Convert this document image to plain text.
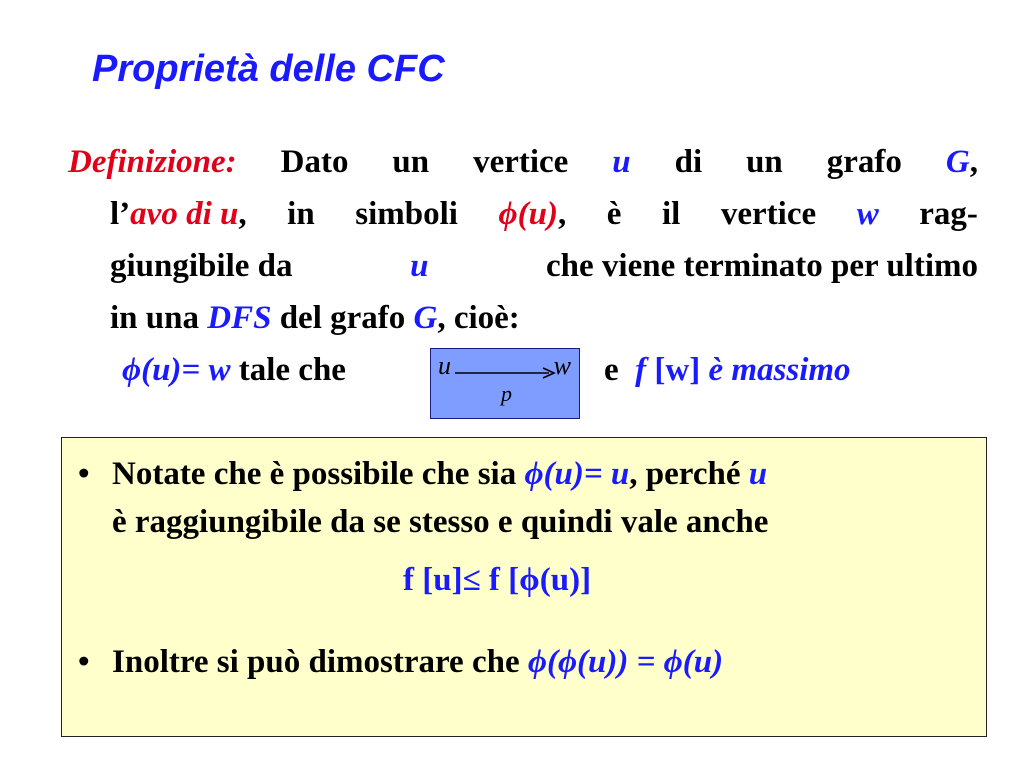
Proprietà delle CFC
Definizione: Dato un vertice u di un grafo G,
l’avo di u, in simboli ϕ(u), è il vertice w rag-
giungibile da	u	che viene terminato per ultimo
in una DFS del grafo G, cioè:
ϕ(u)= w tale che	u	w
p
e f [w] è massimo
• Notate che è possibile che sia ϕ(u)= u, perché u
è raggiungibile da se stesso e quindi vale anche
• Inoltre si può dimostrare che ϕ(ϕ(u)) = ϕ(u)
f [u]≤ f [ϕ(u)]
